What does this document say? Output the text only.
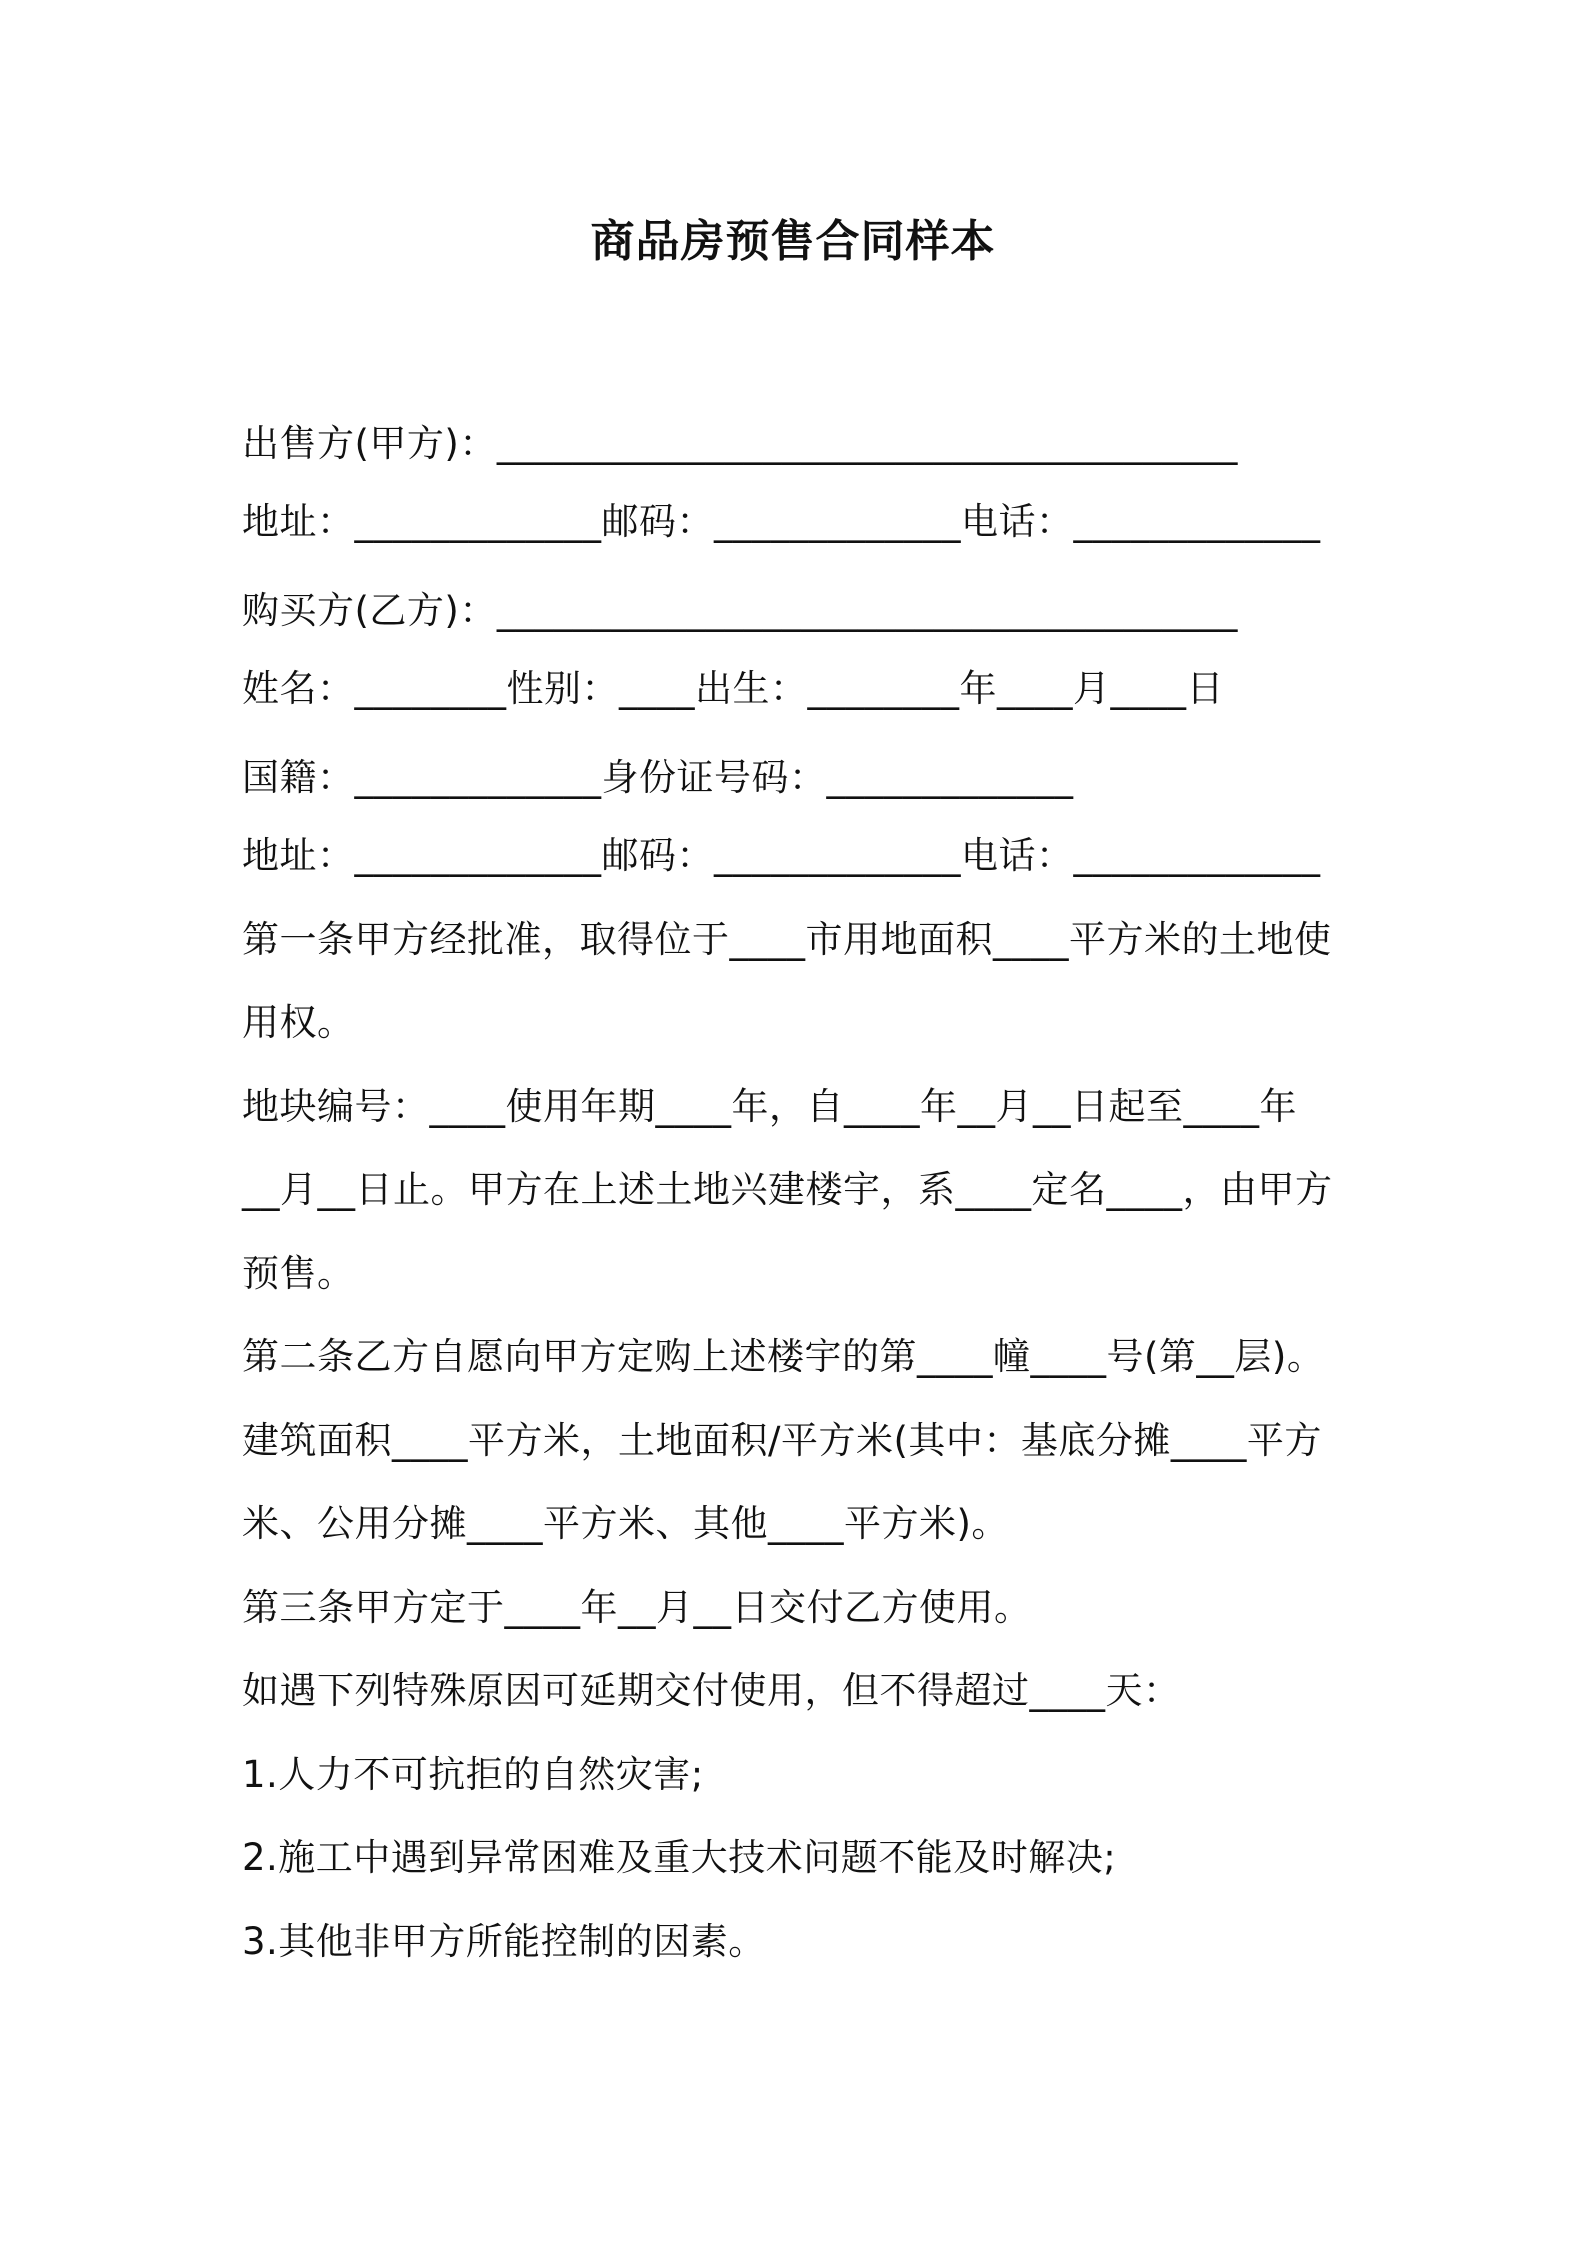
商品房预售合同样本
出售方(甲方)：_______________________________________
地址：_____________邮码：_____________电话：_____________
购买方(乙方)：_______________________________________
姓名：________性别：____出生：________年____月____日
国籍：_____________身份证号码：_____________
地址：_____________邮码：_____________电话：_____________
第一条甲方经批准，取得位于____市用地面积____平方米的土地使
用权。
地块编号：____使用年期____年，自____年__月__日起至____年
__月__日止。甲方在上述土地兴建楼宇，系____定名____，由甲方
预售。
第二条乙方自愿向甲方定购上述楼宇的第____幢____号(第__层)。
建筑面积____平方米，土地面积/平方米(其中：基底分摊____平方
米、公用分摊____平方米、其他____平方米)。
第三条甲方定于____年__月__日交付乙方使用。
如遇下列特殊原因可延期交付使用，但不得超过____天：
1.人力不可抗拒的自然灾害;
2.施工中遇到异常困难及重大技术问题不能及时解决;
3.其他非甲方所能控制的因素。
